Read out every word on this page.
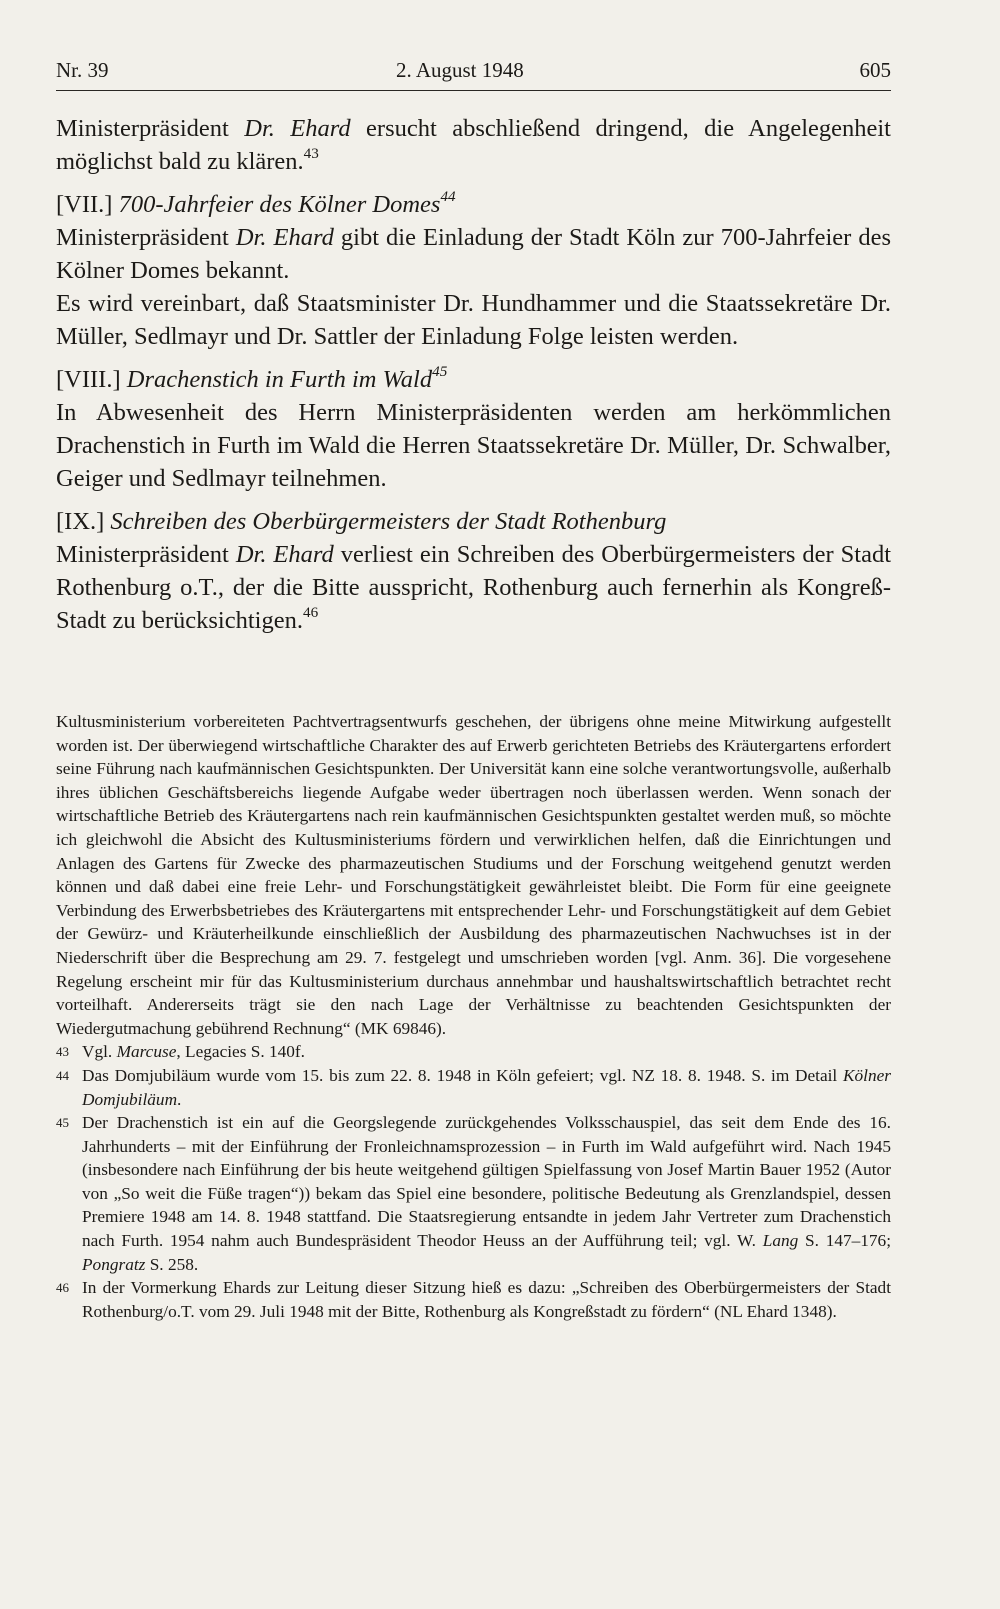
Nr. 39	2. August 1948	605

Ministerpräsident Dr. Ehard ersucht abschließend dringend, die Angelegenheit möglichst bald zu klären.$^{43}$

[VII.] 700-Jahrfeier des Kölner Domes$^{44}$

Ministerpräsident Dr. Ehard gibt die Einladung der Stadt Köln zur 700-Jahrfeier des Kölner Domes bekannt.

Es wird vereinbart, daß Staatsminister Dr. Hundhammer und die Staatssekretäre Dr. Müller, Sedlmayr und Dr. Sattler der Einladung Folge leisten werden.

[VIII.] Drachenstich in Furth im Wald$^{45}$

In Abwesenheit des Herrn Ministerpräsidenten werden am herkömmlichen Drachenstich in Furth im Wald die Herren Staatssekretäre Dr. Müller, Dr. Schwalber, Geiger und Sedlmayr teilnehmen.

[IX.] Schreiben des Oberbürgermeisters der Stadt Rothenburg

Ministerpräsident Dr. Ehard verliest ein Schreiben des Oberbürgermeisters der Stadt Rothenburg o.T., der die Bitte ausspricht, Rothenburg auch fernerhin als Kongreß-Stadt zu berücksichtigen.$^{46}$

Kultusministerium vorbereiteten Pachtvertragsentwurfs geschehen, der übrigens ohne meine Mitwirkung aufgestellt worden ist. Der überwiegend wirtschaftliche Charakter des auf Erwerb gerichteten Betriebs des Kräutergartens erfordert seine Führung nach kaufmännischen Gesichtspunkten. Der Universität kann eine solche verantwortungsvolle, außerhalb ihres üblichen Geschäftsbereichs liegende Aufgabe weder übertragen noch überlassen werden. Wenn sonach der wirtschaftliche Betrieb des Kräutergartens nach rein kaufmännischen Gesichtspunkten gestaltet werden muß, so möchte ich gleichwohl die Absicht des Kultusministeriums fördern und verwirklichen helfen, daß die Einrichtungen und Anlagen des Gartens für Zwecke des pharmazeutischen Studiums und der Forschung weitgehend genutzt werden können und daß dabei eine freie Lehr- und Forschungstätigkeit gewährleistet bleibt. Die Form für eine geeignete Verbindung des Erwerbsbetriebes des Kräutergartens mit entsprechender Lehr- und Forschungstätigkeit auf dem Gebiet der Gewürz- und Kräuterheilkunde einschließlich der Ausbildung des pharmazeutischen Nachwuchses ist in der Niederschrift über die Besprechung am 29. 7. festgelegt und umschrieben worden [vgl. Anm. 36]. Die vorgesehene Regelung erscheint mir für das Kultusministerium durchaus annehmbar und haushaltswirtschaftlich betrachtet recht vorteilhaft. Andererseits trägt sie den nach Lage der Verhältnisse zu beachtenden Gesichtspunkten der Wiedergutmachung gebührend Rechnung“ (MK 69846).

43 Vgl. Marcuse, Legacies S. 140f.

44 Das Domjubiläum wurde vom 15. bis zum 22. 8. 1948 in Köln gefeiert; vgl. NZ 18. 8. 1948. S. im Detail Kölner Domjubiläum.

45 Der Drachenstich ist ein auf die Georgslegende zurückgehendes Volksschauspiel, das seit dem Ende des 16. Jahrhunderts – mit der Einführung der Fronleichnamsprozession – in Furth im Wald aufgeführt wird. Nach 1945 (insbesondere nach Einführung der bis heute weitgehend gültigen Spielfassung von Josef Martin Bauer 1952 (Autor von „So weit die Füße tragen“)) bekam das Spiel eine besondere, politische Bedeutung als Grenzlandspiel, dessen Premiere 1948 am 14. 8. 1948 stattfand. Die Staatsregierung entsandte in jedem Jahr Vertreter zum Drachenstich nach Furth. 1954 nahm auch Bundespräsident Theodor Heuss an der Aufführung teil; vgl. W. Lang S. 147–176; Pongratz S. 258.

46 In der Vormerkung Ehards zur Leitung dieser Sitzung hieß es dazu: „Schreiben des Oberbürgermeisters der Stadt Rothenburg/o.T. vom 29. Juli 1948 mit der Bitte, Rothenburg als Kongreßstadt zu fördern“ (NL Ehard 1348).
